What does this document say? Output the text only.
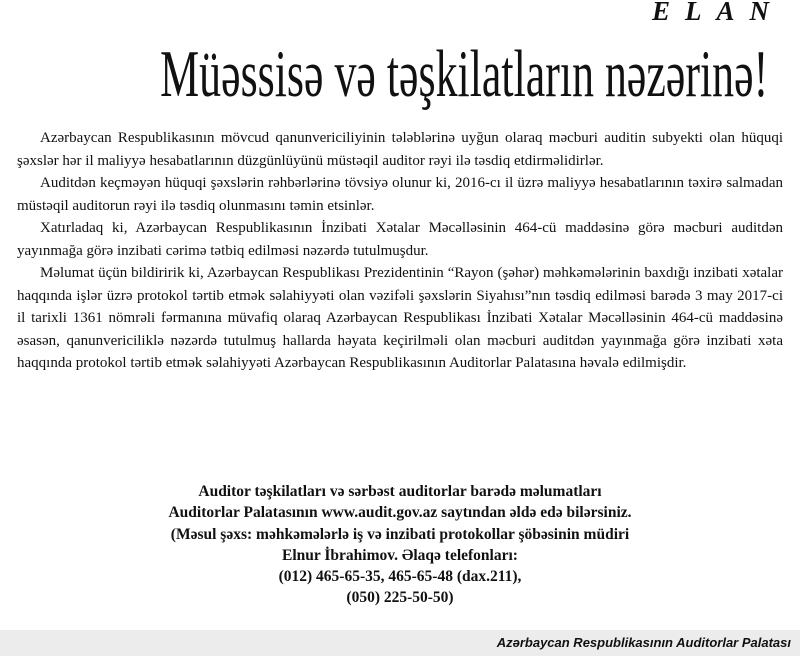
ELAN
Müəssisə və təşkilatların nəzərinə!

Azərbaycan Respublikasının mövcud qanunvericiliyinin tələblərinə uyğun olaraq məcburi auditin subyekti olan hüquqi şəxslər hər il maliyyə hesabatlarının düzgünlüyünü müstəqil auditor rəyi ilə təsdiq etdirməlidirlər.

Auditdən keçməyən hüquqi şəxslərin rəhbərlərinə tövsiyə olunur ki, 2016-cı il üzrə maliyyə hesabatlarının təxirə salmadan müstəqil auditorun rəyi ilə təsdiq olunmasını təmin etsinlər.

Xatırladaq ki, Azərbaycan Respublikasının İnzibati Xətalar Məcəlləsinin 464-cü maddəsinə görə məcburi auditdən yayınmağa görə inzibati cərimə tətbiq edilməsi nəzərdə tutulmuşdur.

Məlumat üçün bildiririk ki, Azərbaycan Respublikası Prezidentinin “Rayon (şəhər) məhkəmələrinin baxdığı inzibati xətalar haqqında işlər üzrə protokol tərtib etmək səlahiyyəti olan vəzifəli şəxslərin Siyahısı”nın təsdiq edilməsi barədə 3 may 2017-ci il tarixli 1361 nömrəli fərmanına müvafiq olaraq Azərbaycan Respublikası İnzibati Xətalar Məcəlləsinin 464-cü maddəsinə əsasən, qanunvericiliklə nəzərdə tutulmuş hallarda həyata keçirilməli olan məcburi auditdən yayınmağa görə inzibati xəta haqqında protokol tərtib etmək səlahiyyəti Azərbaycan Respublikasının Auditorlar Palatasına həvalə edilmişdir.

Auditor təşkilatları və sərbəst auditorlar barədə məlumatları
Auditorlar Palatasının www.audit.gov.az saytından əldə edə bilərsiniz.
(Məsul şəxs: məhkəmələrlə iş və inzibati protokollar şöbəsinin müdiri
Elnur İbrahimov. Əlaqə telefonları:
(012) 465-65-35, 465-65-48 (dax.211),
(050) 225-50-50)
Azərbaycan Respublikasının Auditorlar Palatası
